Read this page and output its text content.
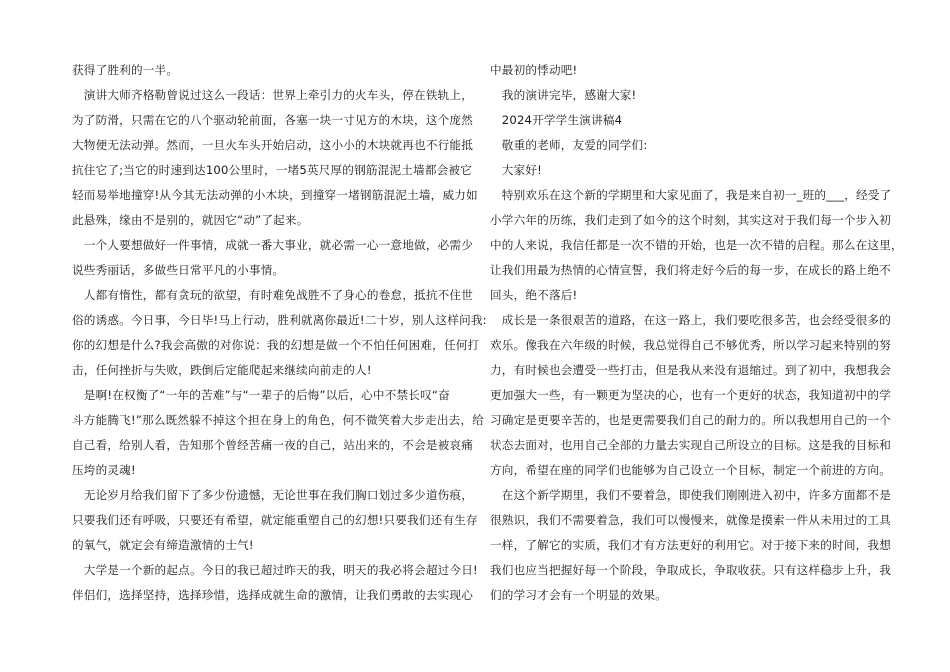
获得了胜利的一半。
　演讲大师齐格勒曾说过这么一段话：世界上牵引力的火车头，停在铁轨上，
为了防滑，只需在它的八个驱动轮前面，各塞一块一寸见方的木块，这个庞然
大物便无法动弹。然而，一旦火车头开始启动，这小小的木块就再也不行能抵
抗住它了;当它的时速到达100公里时，一堵5英尺厚的钢筋混泥土墙都会被它
轻而易举地撞穿!从今其无法动弹的小木块，到撞穿一堵钢筋混泥土墙，威力如
此悬殊，缘由不是别的，就因它“动”了起来。
　一个人要想做好一件事情，成就一番大事业，就必需一心一意地做，必需少
说些秀丽话，多做些日常平凡的小事情。
　人都有惰性，都有贪玩的欲望，有时难免战胜不了身心的卷怠，抵抗不住世
俗的诱惑。今日事，今日毕!马上行动，胜利就离你最近!二十岁，别人这样问我:
你的幻想是什么?我会高傲的对你说：我的幻想是做一个不怕任何困难，任何打
击，任何挫折与失败，跌倒后定能爬起来继续向前走的人!
　是啊!在权衡了“一年的苦难”与“一辈子的后悔”以后，心中不禁长叹“奋
斗方能腾飞!”那么既然躲不掉这个担在身上的角色，何不微笑着大步走出去，给
自己看，给别人看，告知那个曾经苦痛一夜的自己，站出来的，不会是被哀痛
压垮的灵魂!
　无论岁月给我们留下了多少份遗憾，无论世事在我们胸口划过多少道伤痕，
只要我们还有呼吸，只要还有希望，就定能重塑自己的幻想!只要我们还有生存
的氧气，就定会有缔造激情的士气!
　大学是一个新的起点。今日的我已超过昨天的我，明天的我必将会超过今日!
伴侣们，选择坚持，选择珍惜，选择成就生命的激情，让我们勇敢的去实现心
中最初的悸动吧!
　我的演讲完毕，感谢大家!
　2024开学学生演讲稿4
　敬重的老师，友爱的同学们:
　大家好!
　特别欢乐在这个新的学期里和大家见面了，我是来自初一_班的___，经受了
小学六年的历练，我们走到了如今的这个时刻，其实这对于我们每一个步入初
中的人来说，我信任都是一次不错的开始，也是一次不错的启程。那么在这里，
让我们用最为热情的心情宣誓，我们将走好今后的每一步，在成长的路上绝不
回头，绝不落后!
　成长是一条很艰苦的道路，在这一路上，我们要吃很多苦，也会经受很多的
欢乐。像我在六年级的时候，我总觉得自己不够优秀，所以学习起来特别的努
力，有时候也会遭受一些打击，但是我从来没有退缩过。到了初中，我想我会
更加强大一些，有一颗更为坚决的心，也有一个更好的状态，我知道初中的学
习确定是更要辛苦的，也是更需要我们自己的耐力的。所以我想用自己的一个
状态去面对，也用自己全部的力量去实现自己所设立的目标。这是我的目标和
方向，希望在座的同学们也能够为自己设立一个目标，制定一个前进的方向。
　在这个新学期里，我们不要着急，即使我们刚刚进入初中，许多方面都不是
很熟识，我们不需要着急，我们可以慢慢来，就像是摸索一件从未用过的工具
一样，了解它的实质，我们才有方法更好的利用它。对于接下来的时间，我想
我们也应当把握好每一个阶段，争取成长，争取收获。只有这样稳步上升，我
们的学习才会有一个明显的效果。
